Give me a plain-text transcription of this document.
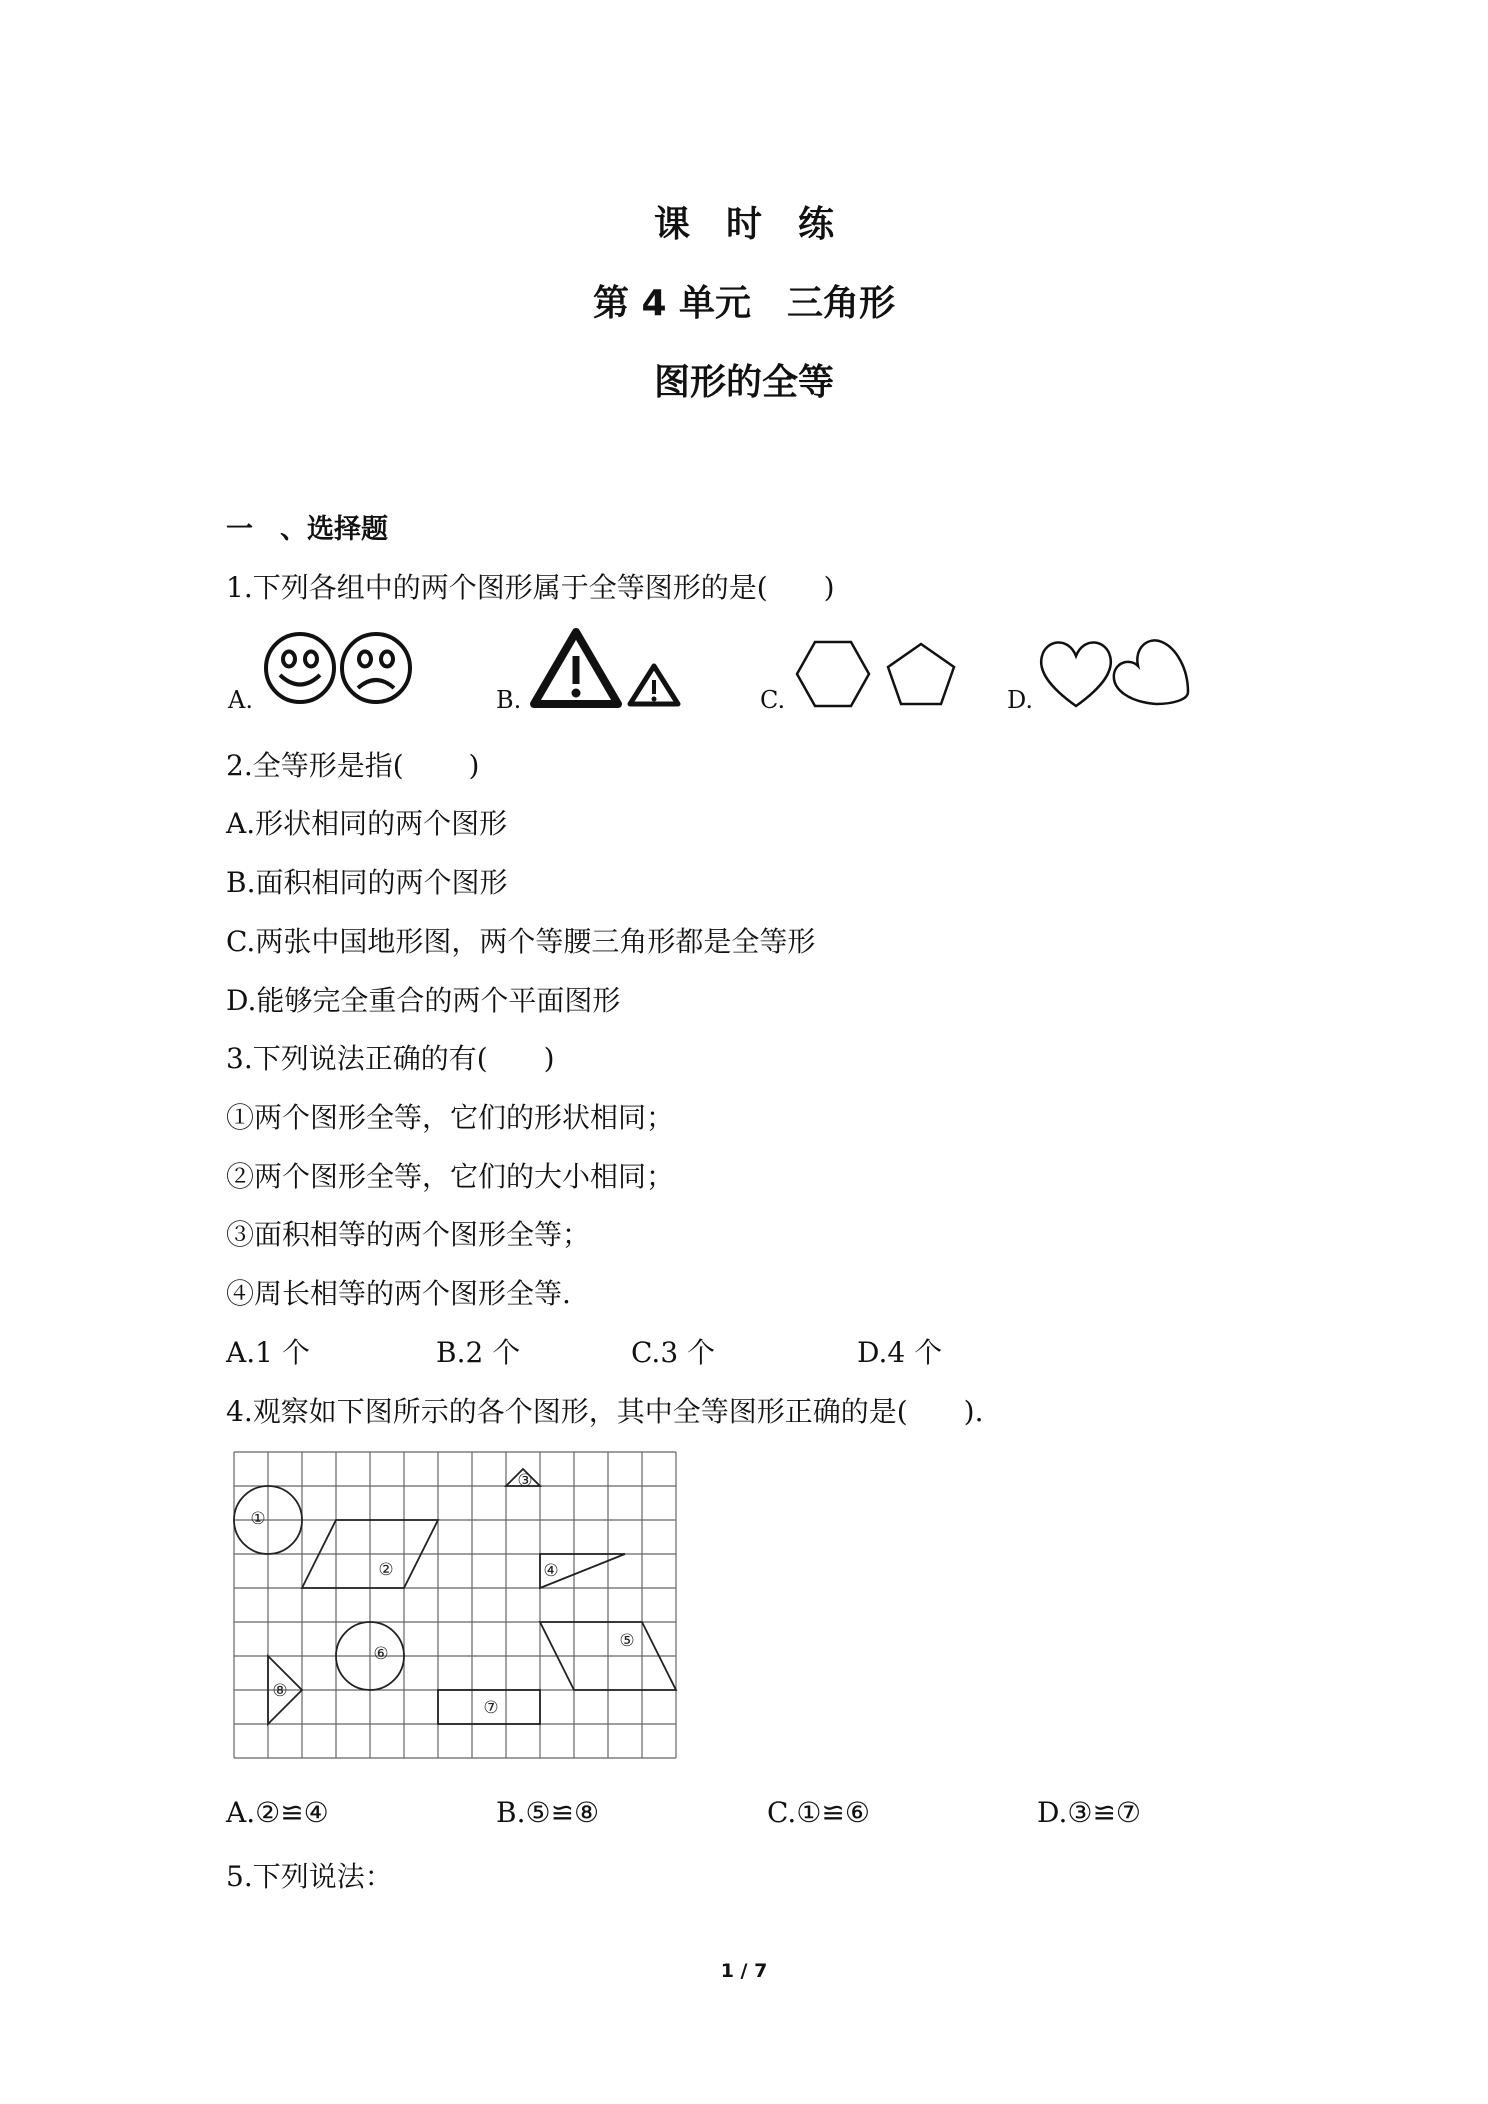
课　时　练
第 4 单元　三角形
图形的全等
一　、选择题
1.下列各组中的两个图形属于全等图形的是(　　)
A.	B.	C.	D.
2.全等形是指(　　 )
A.形状相同的两个图形
B.面积相同的两个图形
C.两张中国地形图，两个等腰三角形都是全等形
D.能够完全重合的两个平面图形
3.下列说法正确的有(　　)
①两个图形全等，它们的形状相同；
②两个图形全等，它们的大小相同；
③面积相等的两个图形全等；
④周长相等的两个图形全等.
A.1 个	B.2 个	C.3 个	D.4 个
4.观察如下图所示的各个图形，其中全等图形正确的是(　　).
①
②
③
④
⑤
⑥
⑦
⑧
A.②≌④	B.⑤≌⑧	C.①≌⑥	D.③≌⑦
5.下列说法：
1 / 7
